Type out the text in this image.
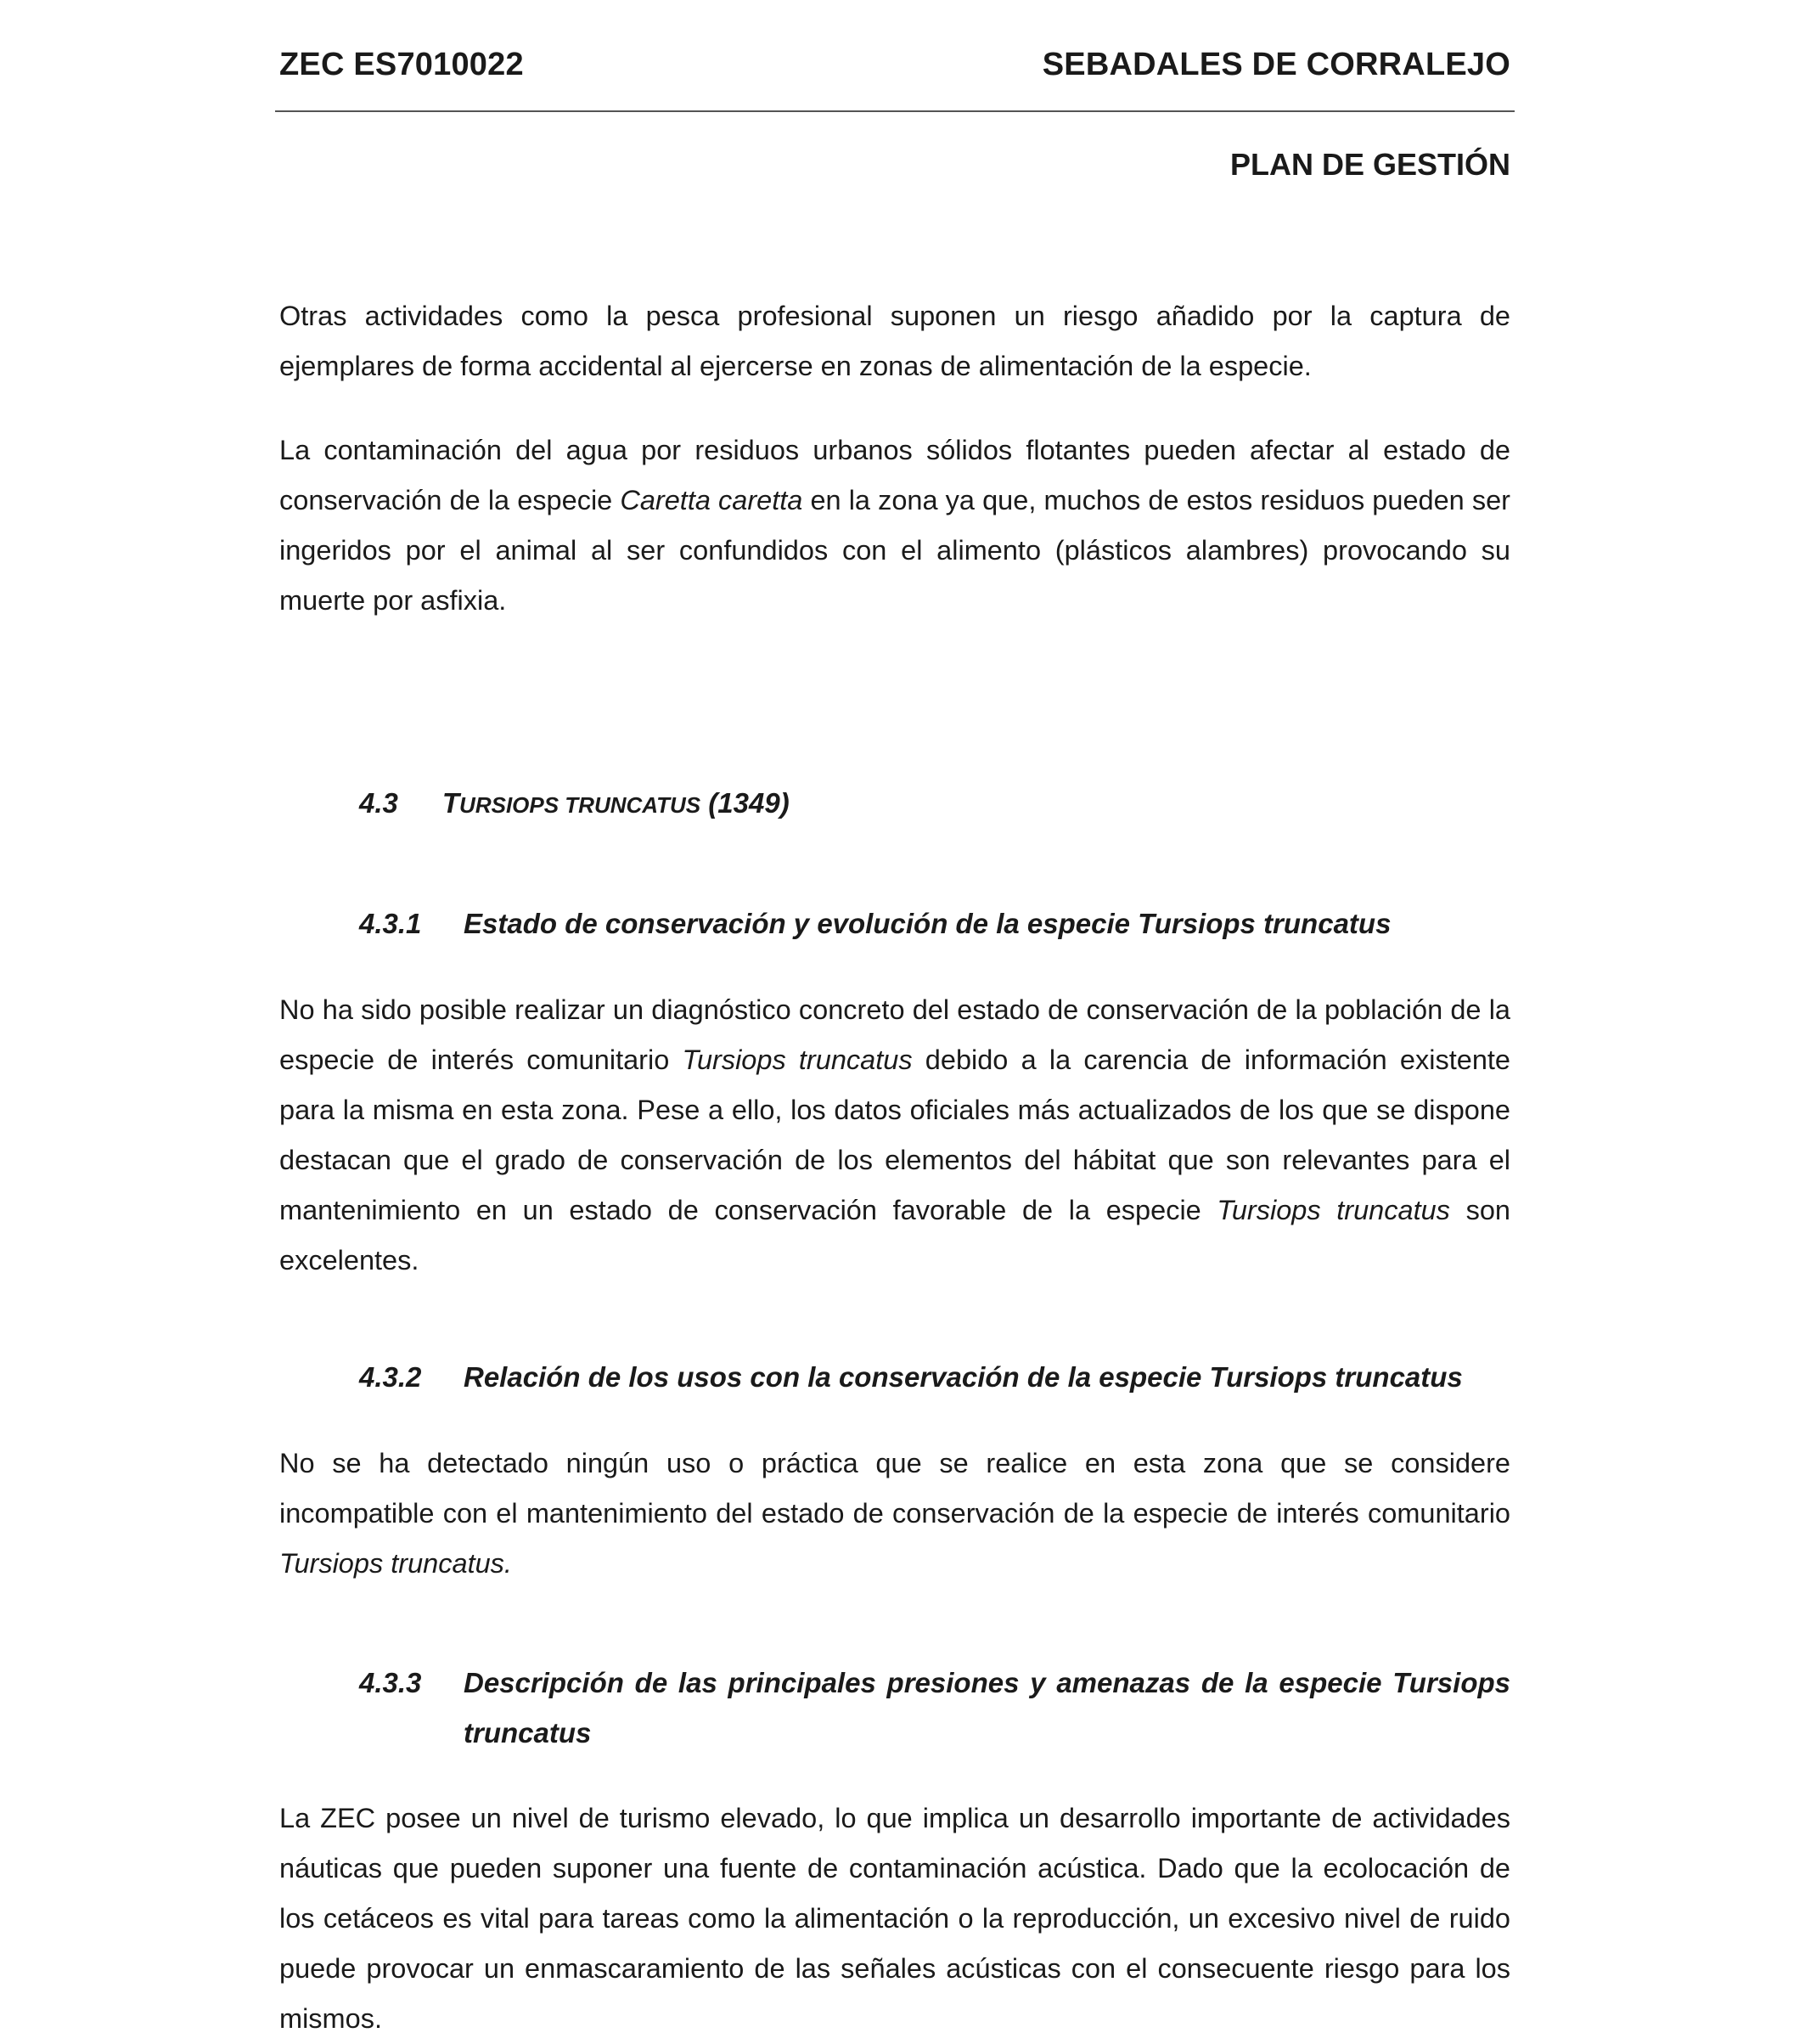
ZEC ES7010022	SEBADALES DE CORRALEJO
PLAN DE GESTIÓN

Otras actividades como la pesca profesional suponen un riesgo añadido por la captura de ejemplares de forma accidental al ejercerse en zonas de alimentación de la especie.

La contaminación del agua por residuos urbanos sólidos flotantes pueden afectar al estado de conservación de la especie Caretta caretta en la zona ya que, muchos de estos residuos pueden ser ingeridos por el animal al ser confundidos con el alimento (plásticos alambres) provocando su muerte por asfixia.

4.3 TURSIOPS TRUNCATUS (1349)
4.3.1	Estado de conservación y evolución de la especie Tursiops truncatus

No ha sido posible realizar un diagnóstico concreto del estado de conservación de la población de la especie de interés comunitario Tursiops truncatus debido a la carencia de información existente para la misma en esta zona. Pese a ello, los datos oficiales más actualizados de los que se dispone destacan que el grado de conservación de los elementos del hábitat que son relevantes para el mantenimiento en un estado de conservación favorable de la especie Tursiops truncatus son excelentes.

4.3.2	Relación de los usos con la conservación de la especie Tursiops truncatus

No se ha detectado ningún uso o práctica que se realice en esta zona que se considere incompatible con el mantenimiento del estado de conservación de la especie de interés comunitario Tursiops truncatus.

4.3.3	Descripción de las principales presiones y amenazas de la especie Tursiops truncatus

La ZEC posee un nivel de turismo elevado, lo que implica un desarrollo importante de actividades náuticas que pueden suponer una fuente de contaminación acústica. Dado que la ecolocación de los cetáceos es vital para tareas como la alimentación o la reproducción, un excesivo nivel de ruido puede provocar un enmascaramiento de las señales acústicas con el consecuente riesgo para los mismos.
